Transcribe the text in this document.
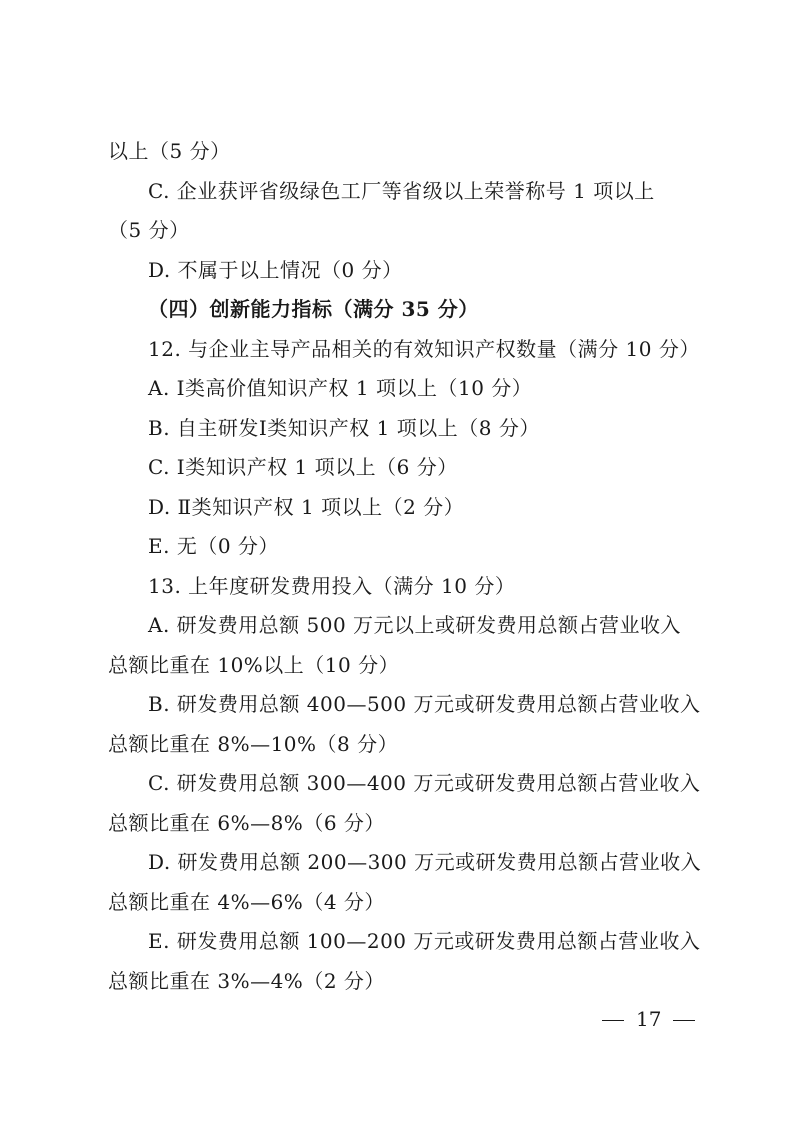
以上（5 分）
C. 企业获评省级绿色工厂等省级以上荣誉称号 1 项以上
（5 分）
D. 不属于以上情况（0 分）
（四）创新能力指标（满分 35 分）
12. 与企业主导产品相关的有效知识产权数量（满分 10 分）
A. Ⅰ类高价值知识产权 1 项以上（10 分）
B. 自主研发Ⅰ类知识产权 1 项以上（8 分）
C. Ⅰ类知识产权 1 项以上（6 分）
D. Ⅱ类知识产权 1 项以上（2 分）
E. 无（0 分）
13. 上年度研发费用投入（满分 10 分）
A. 研发费用总额 500 万元以上或研发费用总额占营业收入
总额比重在 10%以上（10 分）
B. 研发费用总额 400—500 万元或研发费用总额占营业收入
总额比重在 8%—10%（8 分）
C. 研发费用总额 300—400 万元或研发费用总额占营业收入
总额比重在 6%—8%（6 分）
D. 研发费用总额 200—300 万元或研发费用总额占营业收入
总额比重在 4%—6%（4 分）
E. 研发费用总额 100—200 万元或研发费用总额占营业收入
总额比重在 3%—4%（2 分）
17
